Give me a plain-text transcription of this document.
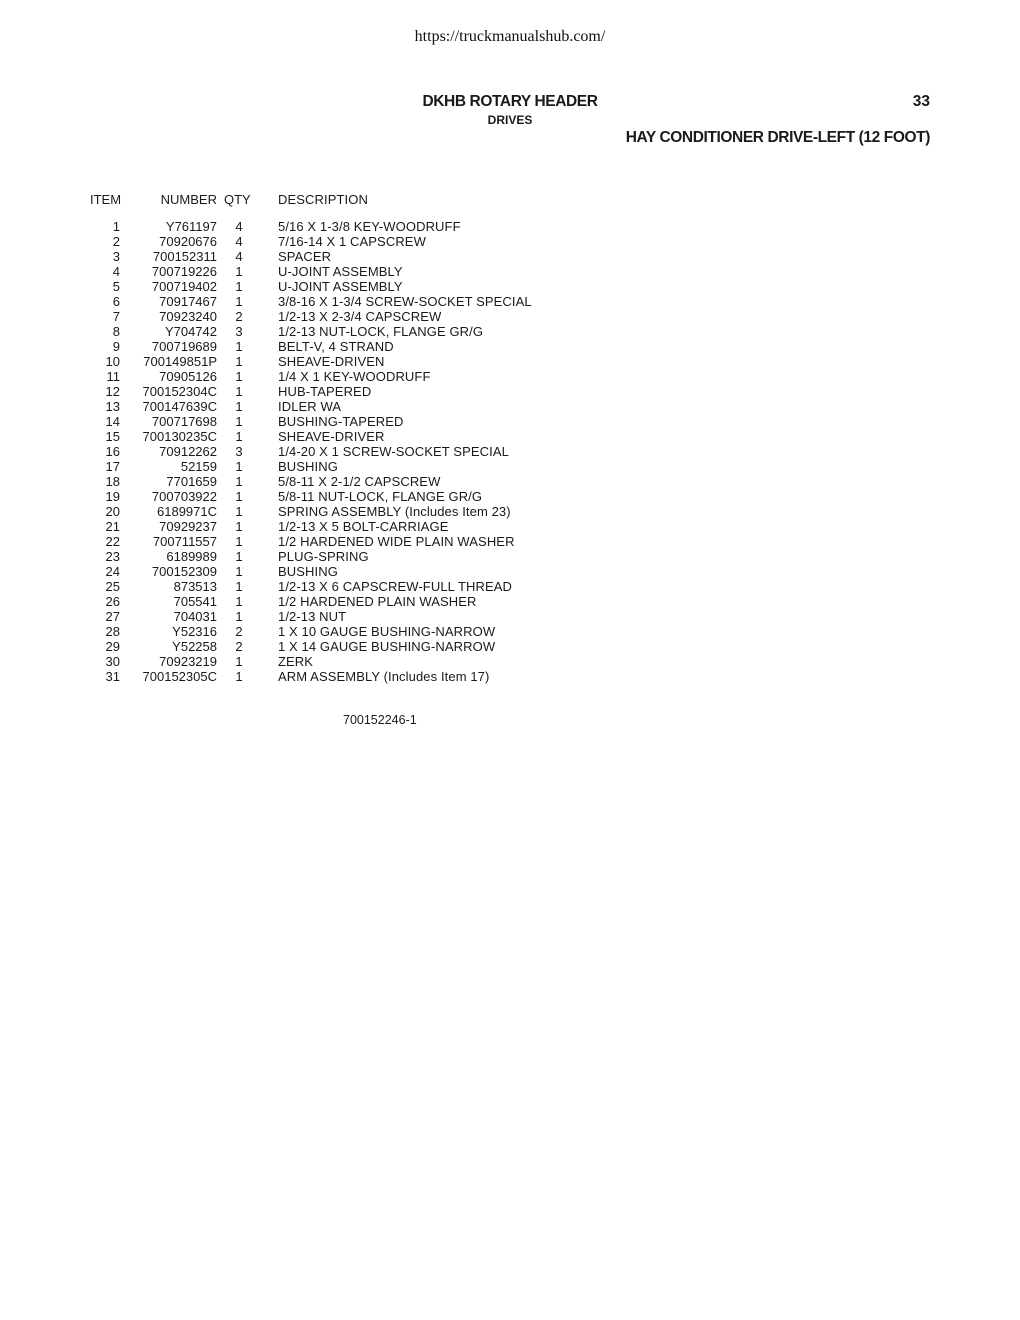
https://truckmanualshub.com/
DKHB ROTARY HEADER	33
DRIVES
HAY CONDITIONER DRIVE-LEFT (12 FOOT)
ITEM	NUMBER QTY DESCRIPTION
1	Y761197	4	5/16 X 1-3/8 KEY-WOODRUFF
2	70920676	4	7/16-14 X 1 CAPSCREW
3	700152311	4	SPACER
4 700719226	1	U-JOINT ASSEMBLY
5 700719402	1	U-JOINT ASSEMBLY
6	70917467	1	3/8-16 X 1-3/4 SCREW-SOCKET SPECIAL
7	70923240	2	1/2-13 X 2-3/4 CAPSCREW
8	Y704742	3	1/2-13 NUT-LOCK, FLANGE GR/G
9 700719689	1	BELT-V, 4 STRAND
10 700149851P	1	SHEAVE-DRIVEN
11	70905126	1	1/4 X 1 KEY-WOODRUFF
12 700152304C	1	HUB-TAPERED
13 700147639C	1	IDLER WA
14 700717698	1	BUSHING-TAPERED
15 700130235C	1	SHEAVE-DRIVER
16	70912262	3	1/4-20 X 1 SCREW-SOCKET SPECIAL
17	52159	1	BUSHING
18	7701659	1	5/8-11 X 2-1/2 CAPSCREW
19 700703922	1	5/8-11 NUT-LOCK, FLANGE GR/G
20	6189971C	1	SPRING ASSEMBLY (Includes Item 23)
21	70929237	1	1/2-13 X 5 BOLT-CARRIAGE
22	700711557	1	1/2 HARDENED WIDE PLAIN WASHER
23	6189989	1	PLUG-SPRING
24 700152309	1	BUSHING
25	873513	1	1/2-13 X 6 CAPSCREW-FULL THREAD
26	705541	1	1/2 HARDENED PLAIN WASHER
27	704031	1	1/2-13 NUT
28	Y52316	2	1 X 10 GAUGE BUSHING-NARROW
29	Y52258	2	1 X 14 GAUGE BUSHING-NARROW
30	70923219	1	ZERK
31 700152305C	1	ARM ASSEMBLY (Includes Item 17)
700152246-1
